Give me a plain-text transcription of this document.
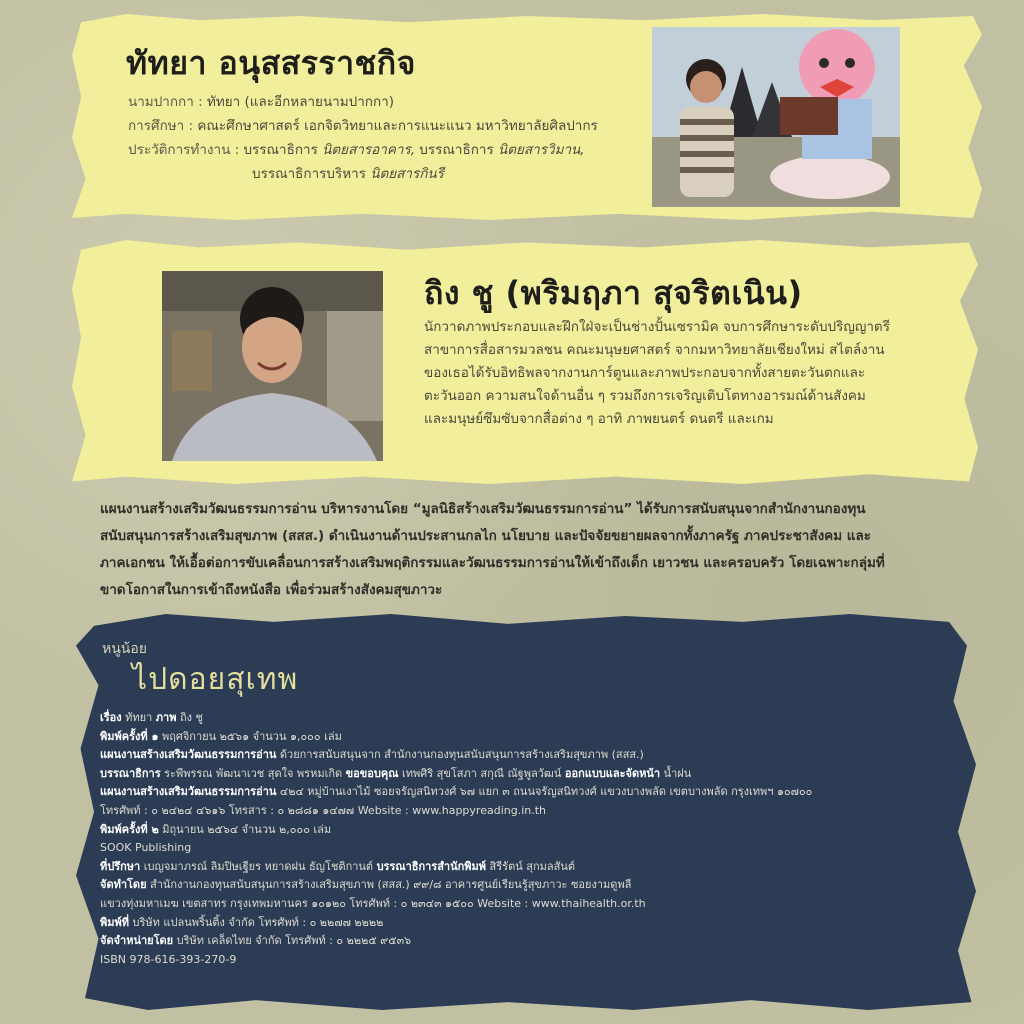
ทัทยา อนุสสรราชกิจ
นามปากกา : ทัทยา (และอีกหลายนามปากกา)
การศึกษา : คณะศึกษาศาสตร์ เอกจิตวิทยาและการแนะแนว มหาวิทยาลัยศิลปากร
ประวัติการทำงาน : บรรณาธิการ นิตยสารอาคาร, บรรณาธิการ นิตยสารวิมาน,
บรรณาธิการบริหาร นิตยสารกินรี
ถิง ชู (พริมฤภา สุจริตเนิน)

นักวาดภาพประกอบและฝึกใฝ่จะเป็นช่างปั้นเซรามิค จบการศึกษาระดับปริญญาตรี

สาขาการสื่อสารมวลชน คณะมนุษยศาสตร์ จากมหาวิทยาลัยเชียงใหม่ สไตล์งาน

ของเธอได้รับอิทธิพลจากงานการ์ตูนและภาพประกอบจากทั้งสายตะวันตกและ

ตะวันออก ความสนใจด้านอื่น ๆ รวมถึงการเจริญเติบโตทางอารมณ์ด้านสังคม

และมนุษย์ซึมซับจากสื่อต่าง ๆ อาทิ ภาพยนตร์ ดนตรี และเกม

แผนงานสร้างเสริมวัฒนธรรมการอ่าน บริหารงานโดย “มูลนิธิสร้างเสริมวัฒนธรรมการอ่าน” ได้รับการสนับสนุนจากสำนักงานกองทุน

สนับสนุนการสร้างเสริมสุขภาพ (สสส.) ดำเนินงานด้านประสานกลไก นโยบาย และปัจจัยขยายผลจากทั้งภาครัฐ ภาคประชาสังคม และ

ภาคเอกชน ให้เอื้อต่อการขับเคลื่อนการสร้างเสริมพฤติกรรมและวัฒนธรรมการอ่านให้เข้าถึงเด็ก เยาวชน และครอบครัว โดยเฉพาะกลุ่มที่

ขาดโอกาสในการเข้าถึงหนังสือ เพื่อร่วมสร้างสังคมสุขภาวะ

หนูน้อย
ไปดอยสุเทพ

เรื่อง ทัทยา ภาพ ถิง ชู

พิมพ์ครั้งที่ ๑ พฤศจิกายน ๒๕๖๑ จำนวน ๑,๐๐๐ เล่ม

แผนงานสร้างเสริมวัฒนธรรมการอ่าน ด้วยการสนับสนุนจาก สำนักงานกองทุนสนับสนุนการสร้างเสริมสุขภาพ (สสส.)

บรรณาธิการ ระพีพรรณ พัฒนาเวช สุดใจ พรหมเกิด ขอขอบคุณ เทพศิริ สุขโสภา สกุณี ณัฐพูลวัฒน์ ออกแบบและจัดหน้า น้ำฝน

แผนงานสร้างเสริมวัฒนธรรมการอ่าน ๔๒๔ หมู่บ้านเงาไม้ ซอยจรัญสนิทวงศ์ ๖๗ แยก ๓ ถนนจรัญสนิทวงศ์ แขวงบางพลัด เขตบางพลัด กรุงเทพฯ ๑๐๗๐๐

โทรศัพท์ : ๐ ๒๔๒๔ ๔๖๑๖ โทรสาร : ๐ ๒๘๘๑ ๑๔๗๗ Website : www.happyreading.in.th

พิมพ์ครั้งที่ ๒ มิถุนายน ๒๕๖๔ จำนวน ๒,๐๐๐ เล่ม

SOOK Publishing

ที่ปรึกษา เบญจมาภรณ์ ลิมปิษเฐียร หยาดฝน ธัญโชติกานต์ บรรณาธิการสำนักพิมพ์ สิรีรัตน์ สุกมลสันต์

จัดทำโดย สำนักงานกองทุนสนับสนุนการสร้างเสริมสุขภาพ (สสส.) ๙๙/๘ อาคารศูนย์เรียนรู้สุขภาวะ ซอยงามดูพลี

แขวงทุ่งมหาเมฆ เขตสาทร กรุงเทพมหานคร ๑๐๑๒๐ โทรศัพท์ : ๐ ๒๓๔๓ ๑๕๐๐ Website : www.thaihealth.or.th

พิมพ์ที่ บริษัท แปลนพริ้นติ้ง จำกัด โทรศัพท์ : ๐ ๒๒๗๗ ๒๒๒๒

จัดจำหน่ายโดย บริษัท เคล็ดไทย จำกัด โทรศัพท์ : ๐ ๒๒๒๕ ๙๕๓๖

ISBN 978-616-393-270-9
